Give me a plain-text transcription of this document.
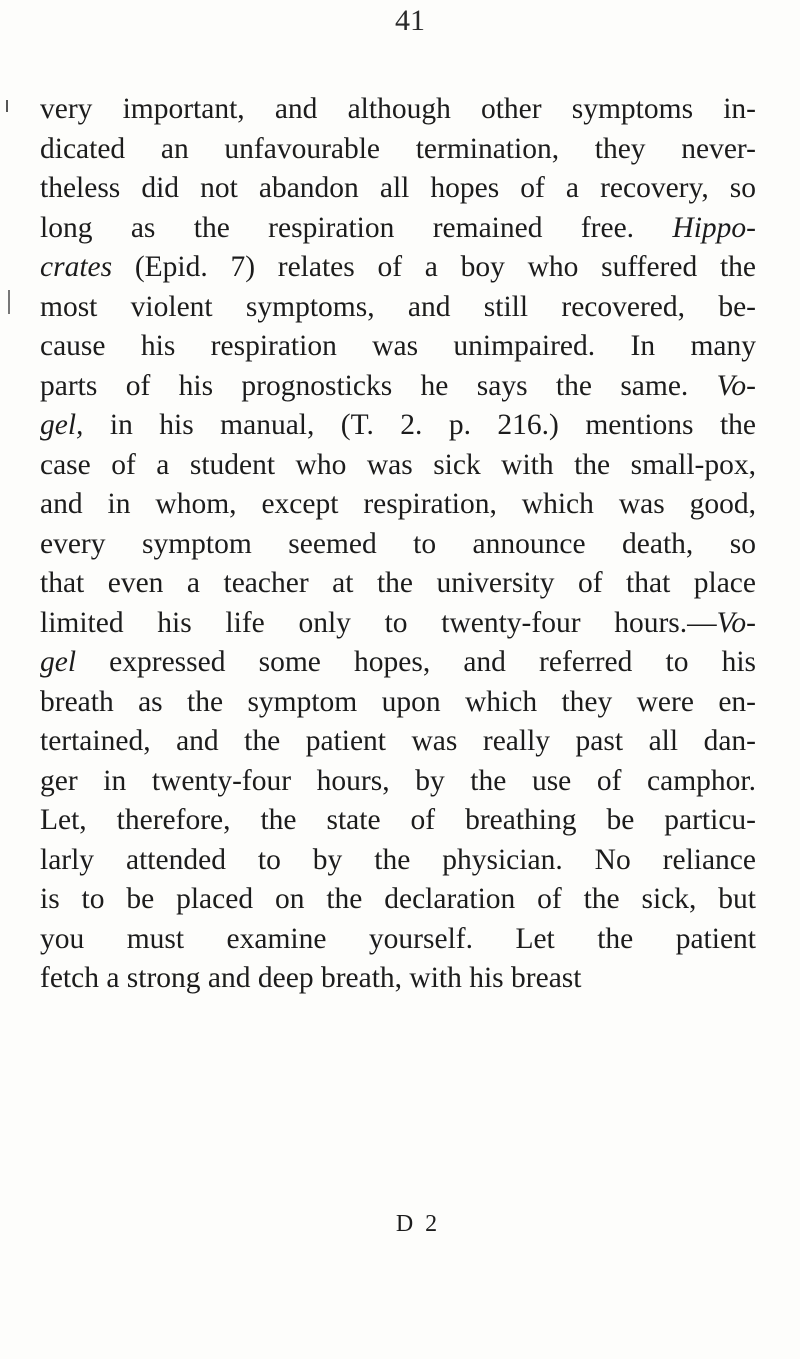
41
very important, and although other symptoms in-
dicated an unfavourable termination, they never-
theless did not abandon all hopes of a recovery, so
long as the respiration remained free. Hippo-
crates (Epid. 7) relates of a boy who suffered the
most violent symptoms, and still recovered, be-
cause his respiration was unimpaired. In many
parts of his prognosticks he says the same. Vo-
gel, in his manual, (T. 2. p. 216.) mentions the
case of a student who was sick with the small-pox,
and in whom, except respiration, which was good,
every symptom seemed to announce death, so
that even a teacher at the university of that place
limited his life only to twenty-four hours.—Vo-
gel expressed some hopes, and referred to his
breath as the symptom upon which they were en-
tertained, and the patient was really past all dan-
ger in twenty-four hours, by the use of camphor.
Let, therefore, the state of breathing be particu-
larly attended to by the physician. No reliance
is to be placed on the declaration of the sick, but
you must examine yourself. Let the patient
fetch a strong and deep breath, with his breast
D 2
